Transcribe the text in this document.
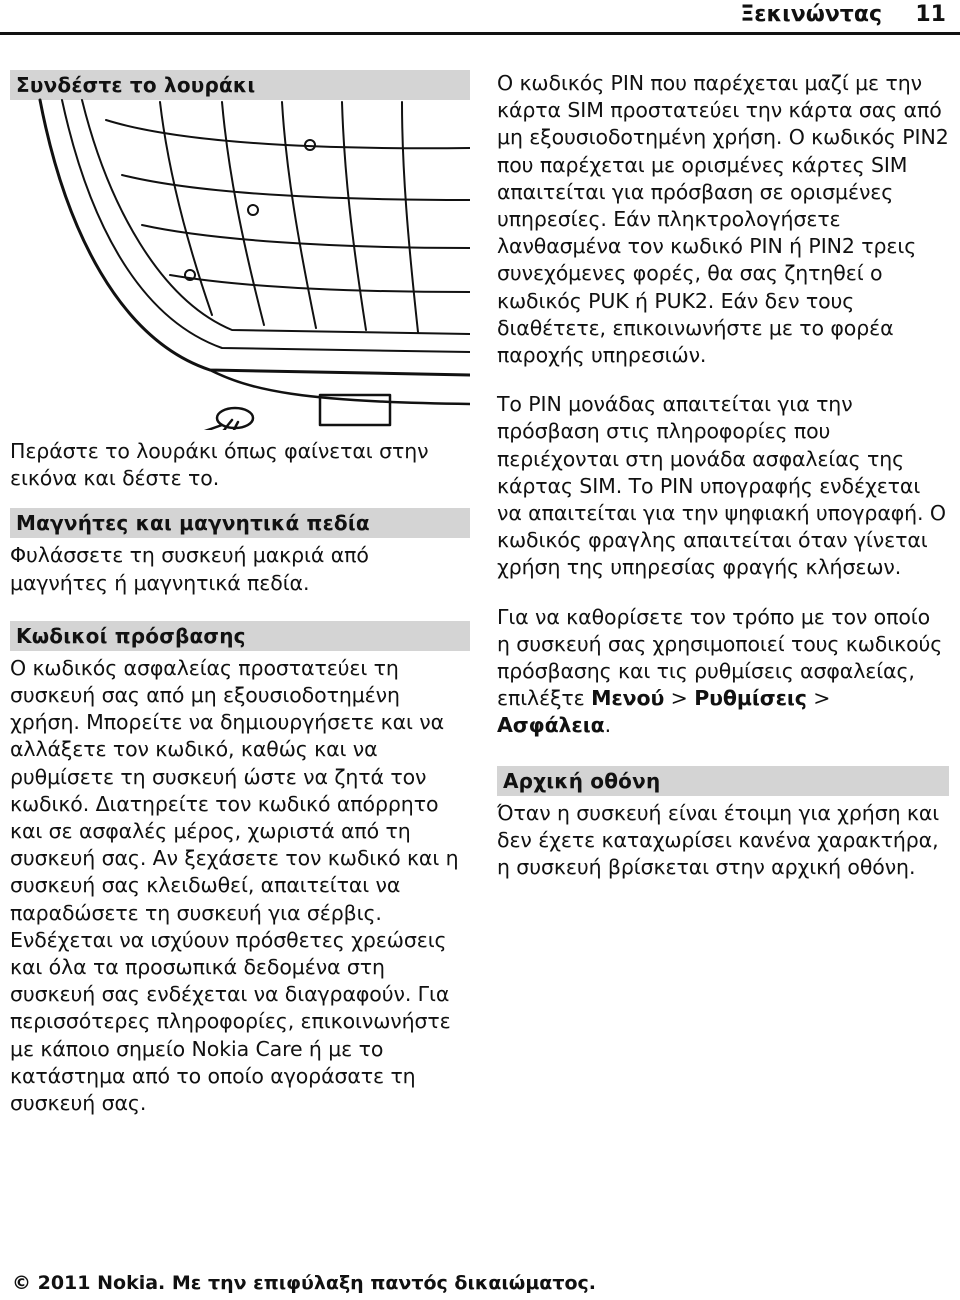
Ξεκινώντας 11
Συνδέστε το λουράκι

Περάστε το λουράκι όπως φαίνεται στην εικόνα και δέστε το.

Μαγνήτες και μαγνητικά πεδία

Φυλάσσετε τη συσκευή μακριά από μαγνήτες ή μαγνητικά πεδία.

Κωδικοί πρόσβασης

Ο κωδικός ασφαλείας προστατεύει τη συσκευή σας από μη εξουσιοδοτημένη χρήση. Μπορείτε να δημιουργήσετε και να αλλάξετε τον κωδικό, καθώς και να ρυθμίσετε τη συσκευή ώστε να ζητά τον κωδικό. Διατηρείτε τον κωδικό απόρρητο και σε ασφαλές μέρος, χωριστά από τη συσκευή σας. Αν ξεχάσετε τον κωδικό και η συσκευή σας κλειδωθεί, απαιτείται να παραδώσετε τη συσκευή για σέρβις. Ενδέχεται να ισχύουν πρόσθετες χρεώσεις και όλα τα προσωπικά δεδομένα στη συσκευή σας ενδέχεται να διαγραφούν. Για περισσότερες πληροφορίες, επικοινωνήστε με κάποιο σημείο Nokia Care ή με το κατάστημα από το οποίο αγοράσατε τη συσκευή σας.

Ο κωδικός PIN που παρέχεται μαζί με την κάρτα SIM προστατεύει την κάρτα σας από μη εξουσιοδοτημένη χρήση. Ο κωδικός PIN2 που παρέχεται με ορισμένες κάρτες SIM απαιτείται για πρόσβαση σε ορισμένες υπηρεσίες. Εάν πληκτρολογήσετε λανθασμένα τον κωδικό PIN ή PIN2 τρεις συνεχόμενες φορές, θα σας ζητηθεί ο κωδικός PUK ή PUK2. Εάν δεν τους διαθέτετε, επικοινωνήστε με το φορέα παροχής υπηρεσιών.

Το PIN μονάδας απαιτείται για την πρόσβαση στις πληροφορίες που περιέχονται στη μονάδα ασφαλείας της κάρτας SIM. Το PIN υπογραφής ενδέχεται να απαιτείται για την ψηφιακή υπογραφή. Ο κωδικός φραγλης απαιτείται όταν γίνεται χρήση της υπηρεσίας φραγής κλήσεων.

Για να καθορίσετε τον τρόπο με τον οποίο η συσκευή σας χρησιμοποιεί τους κωδικούς πρόσβασης και τις ρυθμίσεις ασφαλείας, επιλέξτε Μενού > Ρυθμίσεις > Ασφάλεια.

Αρχική οθόνη

Όταν η συσκευή είναι έτοιμη για χρήση και δεν έχετε καταχωρίσει κανένα χαρακτήρα, η συσκευή βρίσκεται στην αρχική οθόνη.

© 2011 Nokia. Με την επιφύλαξη παντός δικαιώματος.
